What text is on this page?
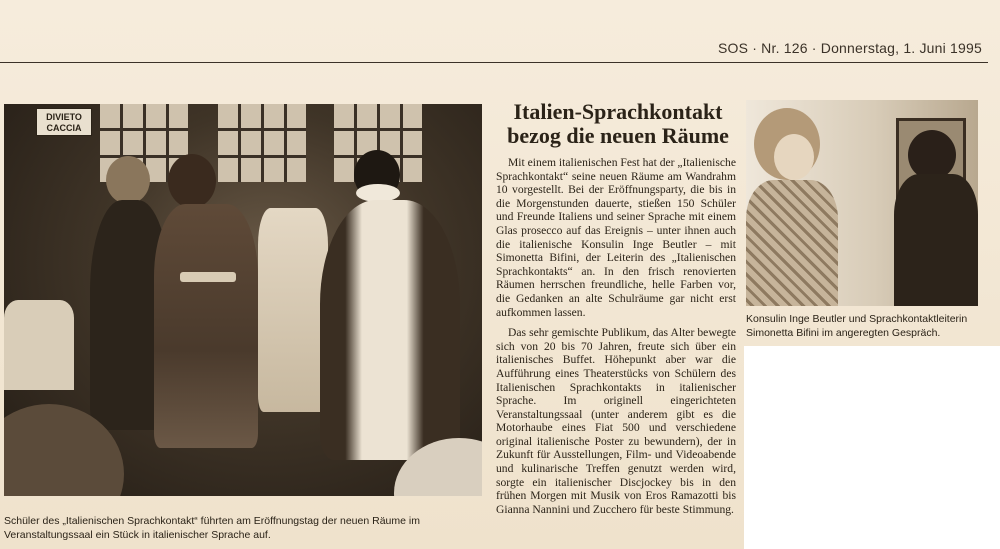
SOS · Nr. 126 · Donnerstag, 1. Juni 1995
DIVIETO CACCIA
Schüler des „Italienischen Sprachkontakt“ führten am Eröffnungstag der neuen Räume im Veranstaltungssaal ein Stück in italienischer Sprache auf.
Italien-Sprachkontakt bezog die neuen Räume

Mit einem italienischen Fest hat der „Italienische Sprachkontakt“ seine neuen Räume am Wandrahm 10 vorgestellt. Bei der Eröffnungsparty, die bis in die Morgenstunden dauerte, stießen 150 Schüler und Freunde Italiens und seiner Sprache mit einem Glas prosecco auf das Ereignis – unter ihnen auch die italienische Konsulin Inge Beutler – mit Simonetta Bifini, der Leiterin des „Italienischen Sprachkontakts“ an. In den frisch renovierten Räumen herrschen freundliche, helle Farben vor, die Gedanken an alte Schulräume gar nicht erst aufkommen lassen.

Das sehr gemischte Publikum, das Alter bewegte sich von 20 bis 70 Jahren, freute sich über ein italienisches Buffet. Höhepunkt aber war die Aufführung eines Theaterstücks von Schülern des Italienischen Sprachkontakts in italienischer Sprache. Im originell eingerichteten Veranstaltungssaal (unter anderem gibt es die Motorhaube eines Fiat 500 und verschiedene original italienische Poster zu bewundern), der in Zukunft für Ausstellungen, Film- und Videoabende und kulinarische Treffen genutzt werden wird, sorgte ein italienischer Discjockey bis in den frühen Morgen mit Musik von Eros Ramazotti bis Gianna Nannini und Zucchero für beste Stimmung.

Konsulin Inge Beutler und Sprachkontaktleiterin Simonetta Bifini im angeregten Gespräch.
